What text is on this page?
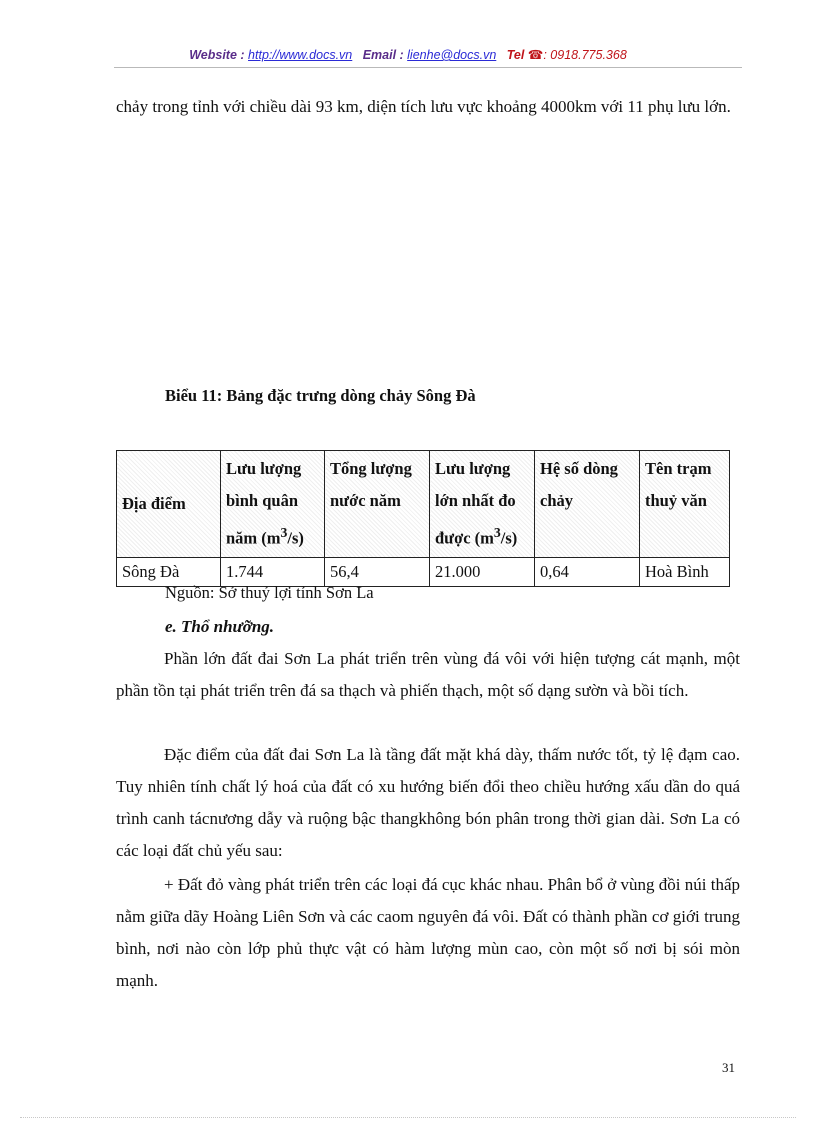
Website : http://www.docs.vn Email : lienhe@docs.vn Tel ☎: 0918.775.368

chảy trong tỉnh với chiều dài 93 km, diện tích lưu vực khoảng 4000km với 11 phụ lưu lớn.

Biểu 11: Bảng đặc trưng dòng chảy Sông Đà

Địa điểm	Lưu lượng bình quân năm $(m^3/s)$	Tổng lượng nước năm	Lưu lượng lớn nhất đo được $(m^3/s)$	Hệ số dòng chảy	Tên trạm thuỷ văn
Sông Đà	1.744	56,4	21.000	0,64	Hoà Bình

Nguồn: Sở thuỷ lợi tỉnh Sơn La

e. Thổ nhưỡng.

Phần lớn đất đai Sơn La phát triển trên vùng đá vôi với hiện tượng cát mạnh, một phần tồn tại phát triển trên đá sa thạch và phiến thạch, một số dạng sườn và bồi tích.

Đặc điểm của đất đai Sơn La là tầng đất mặt khá dày, thấm nước tốt, tỷ lệ đạm cao. Tuy nhiên tính chất lý hoá của đất có xu hướng biến đổi theo chiều hướng xấu dần do quá trình canh tácnương dẫy và ruộng bậc thangkhông bón phân trong thời gian dài. Sơn La có các loại đất chủ yếu sau:

+ Đất đỏ vàng phát triển trên các loại đá cục khác nhau. Phân bổ ở vùng đồi núi thấp nằm giữa dãy Hoàng Liên Sơn và các caom nguyên đá vôi. Đất có thành phần cơ giới trung bình, nơi nào còn lớp phủ thực vật có hàm lượng mùn cao, còn một số nơi bị sói mòn mạnh.

31
